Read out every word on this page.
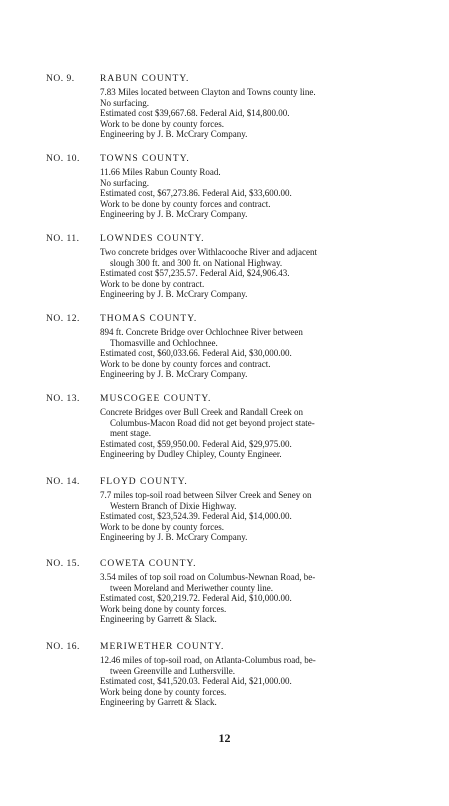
NO. 9.	RABUN COUNTY.
7.83 Miles located between Clayton and Towns county line.
No surfacing.
Estimated cost $39,667.68. Federal Aid, $14,800.00.
Work to be done by county forces.
Engineering by J. B. McCrary Company.
NO. 10. TOWNS COUNTY.
11.66 Miles Rabun County Road.
No surfacing.
Estimated cost, $67,273.86. Federal Aid, $33,600.00.
Work to be done by county forces and contract.
Engineering by J. B. McCrary Company.
NO. 11. LOWNDES COUNTY.
Two concrete bridges over Withlacooche River and adjacent
slough 300 ft. and 300 ft. on National Highway.
Estimated cost $57,235.57. Federal Aid, $24,906.43.
Work to be done by contract.
Engineering by J. B. McCrary Company.
NO. 12. THOMAS COUNTY.
894 ft. Concrete Bridge over Ochlochnee River between
Thomasville and Ochlochnee.
Estimated cost, $60,033.66. Federal Aid, $30,000.00.
Work to be done by county forces and contract.
Engineering by J. B. McCrary Company.
NO. 13. MUSCOGEE COUNTY.
Concrete Bridges over Bull Creek and Randall Creek on
Columbus-Macon Road did not get beyond project state-
ment stage.
Estimated cost, $59,950.00. Federal Aid, $29,975.00.
Engineering by Dudley Chipley, County Engineer.
NO. 14. FLOYD COUNTY.
7.7 miles top-soil road between Silver Creek and Seney on
Western Branch of Dixie Highway.
Estimated cost, $23,524.39. Federal Aid, $14,000.00.
Work to be done by county forces.
Engineering by J. B. McCrary Company.
NO. 15. COWETA COUNTY.
3.54 miles of top soil road on Columbus-Newnan Road, be-
tween Moreland and Meriwether county line.
Estimated cost, $20,219.72. Federal Aid, $10,000.00.
Work being done by county forces.
Engineering by Garrett & Slack.
NO. 16. MERIWETHER COUNTY.
12.46 miles of top-soil road, on Atlanta-Columbus road, be-
tween Greenville and Luthersville.
Estimated cost, $41,520.03. Federal Aid, $21,000.00.
Work being done by county forces.
Engineering by Garrett & Slack.
12
